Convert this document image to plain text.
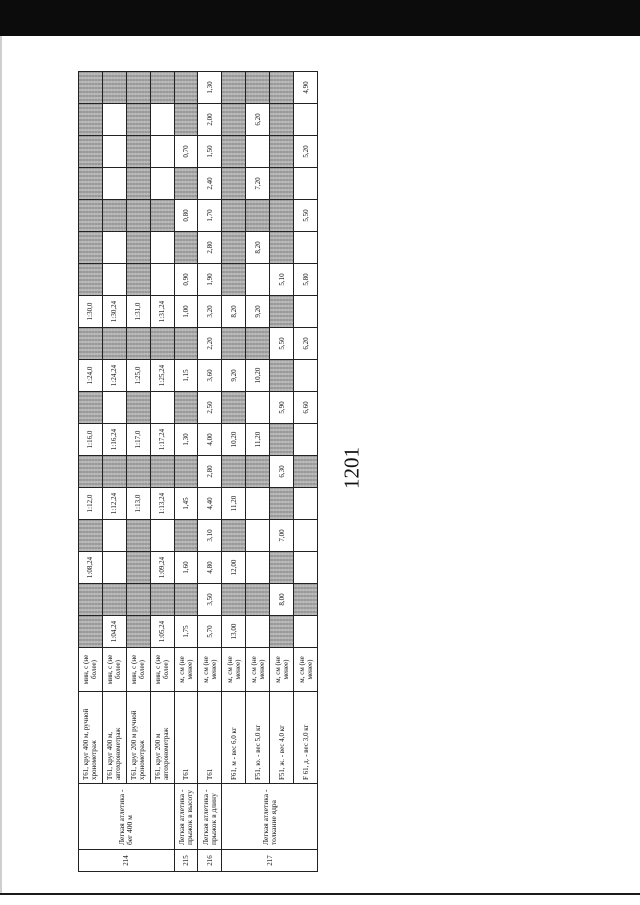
1201
214	Легкая атлетика - бег 400 м	T61, круг 400 м, ручной хронометраж	мин, с (не более)			1:08,24		1:12,0		1:16,0		1:24,0		1:30,0							
		T61, круг 400 м, автохронометраж	мин, с (не более)	1:04,24				1:12,24		1:16,24		1:24,24		1:30,24							
		T61, круг 200 м ручной хронометраж	мин, с (не более)					1:13,0		1:17,0		1:25,0		1:31,0							
		T61, круг 200 м автохронометраж	мин, с (не более)	1:05,24		1:09,24		1:13,24		1:17,24		1:25,24		1:31,24							
215	Легкая атлетика - прыжок в высоту	T61	м, см (не менее)	1,75		1,60		1,45		1,30		1,15		1,00	0,90		0,80		0,70		
216	Легкая атлетика - прыжок в длину	T61	м, см (не менее)	5,70	3,50	4,80	3,10	4,40	2,80	4,00	2,50	3,60	2,20	3,20	1,90	2,80	1,70	2,40	1,50	2,00	1,30
217	Легкая атлетика - толкание ядра	F61, м - вес 6,0 кг	м, см (не менее)	13,00		12,00		11,20		10,20		9,20		8,20							
		F51, ю. - вес 5,0 кг	м, см (не менее)							11,20		10,20		9,20		8,20		7,20		6,20	
		F51, ж. - вес 4,0 кг	м, см (не менее)		8,00		7,00		6,30		5,90		5,50		5,10						
		F 61, д. - вес 3,0 кг	м, см (не менее)								6,60		6,20		5,80		5,50		5,20		4,90
